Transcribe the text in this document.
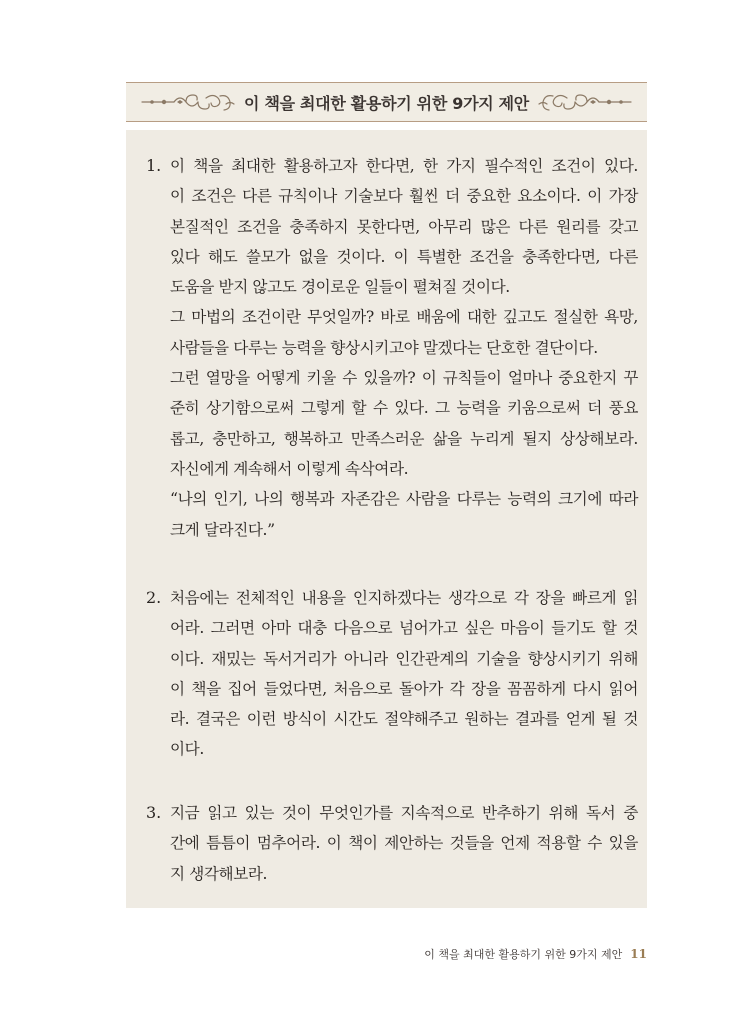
이 책을 최대한 활용하기 위한 9가지 제안
1. 이 책을 최대한 활용하고자 한다면, 한 가지 필수적인 조건이 있다.
이 조건은 다른 규칙이나 기술보다 훨씬 더 중요한 요소이다. 이 가장
본질적인 조건을 충족하지 못한다면, 아무리 많은 다른 원리를 갖고
있다 해도 쓸모가 없을 것이다. 이 특별한 조건을 충족한다면, 다른
도움을 받지 않고도 경이로운 일들이 펼쳐질 것이다.
그 마법의 조건이란 무엇일까? 바로 배움에 대한 깊고도 절실한 욕망,
사람들을 다루는 능력을 향상시키고야 말겠다는 단호한 결단이다.
그런 열망을 어떻게 키울 수 있을까? 이 규칙들이 얼마나 중요한지 꾸
준히 상기함으로써 그렇게 할 수 있다. 그 능력을 키움으로써 더 풍요
롭고, 충만하고, 행복하고 만족스러운 삶을 누리게 될지 상상해보라.
자신에게 계속해서 이렇게 속삭여라.
“나의 인기, 나의 행복과 자존감은 사람을 다루는 능력의 크기에 따라
크게 달라진다.”
2. 처음에는 전체적인 내용을 인지하겠다는 생각으로 각 장을 빠르게 읽
어라. 그러면 아마 대충 다음으로 넘어가고 싶은 마음이 들기도 할 것
이다. 재밌는 독서거리가 아니라 인간관계의 기술을 향상시키기 위해
이 책을 집어 들었다면, 처음으로 돌아가 각 장을 꼼꼼하게 다시 읽어
라. 결국은 이런 방식이 시간도 절약해주고 원하는 결과를 얻게 될 것
이다.
3. 지금 읽고 있는 것이 무엇인가를 지속적으로 반추하기 위해 독서 중
간에 틈틈이 멈추어라. 이 책이 제안하는 것들을 언제 적용할 수 있을
지 생각해보라.
이 책을 최대한 활용하기 위한 9가지 제안 11
